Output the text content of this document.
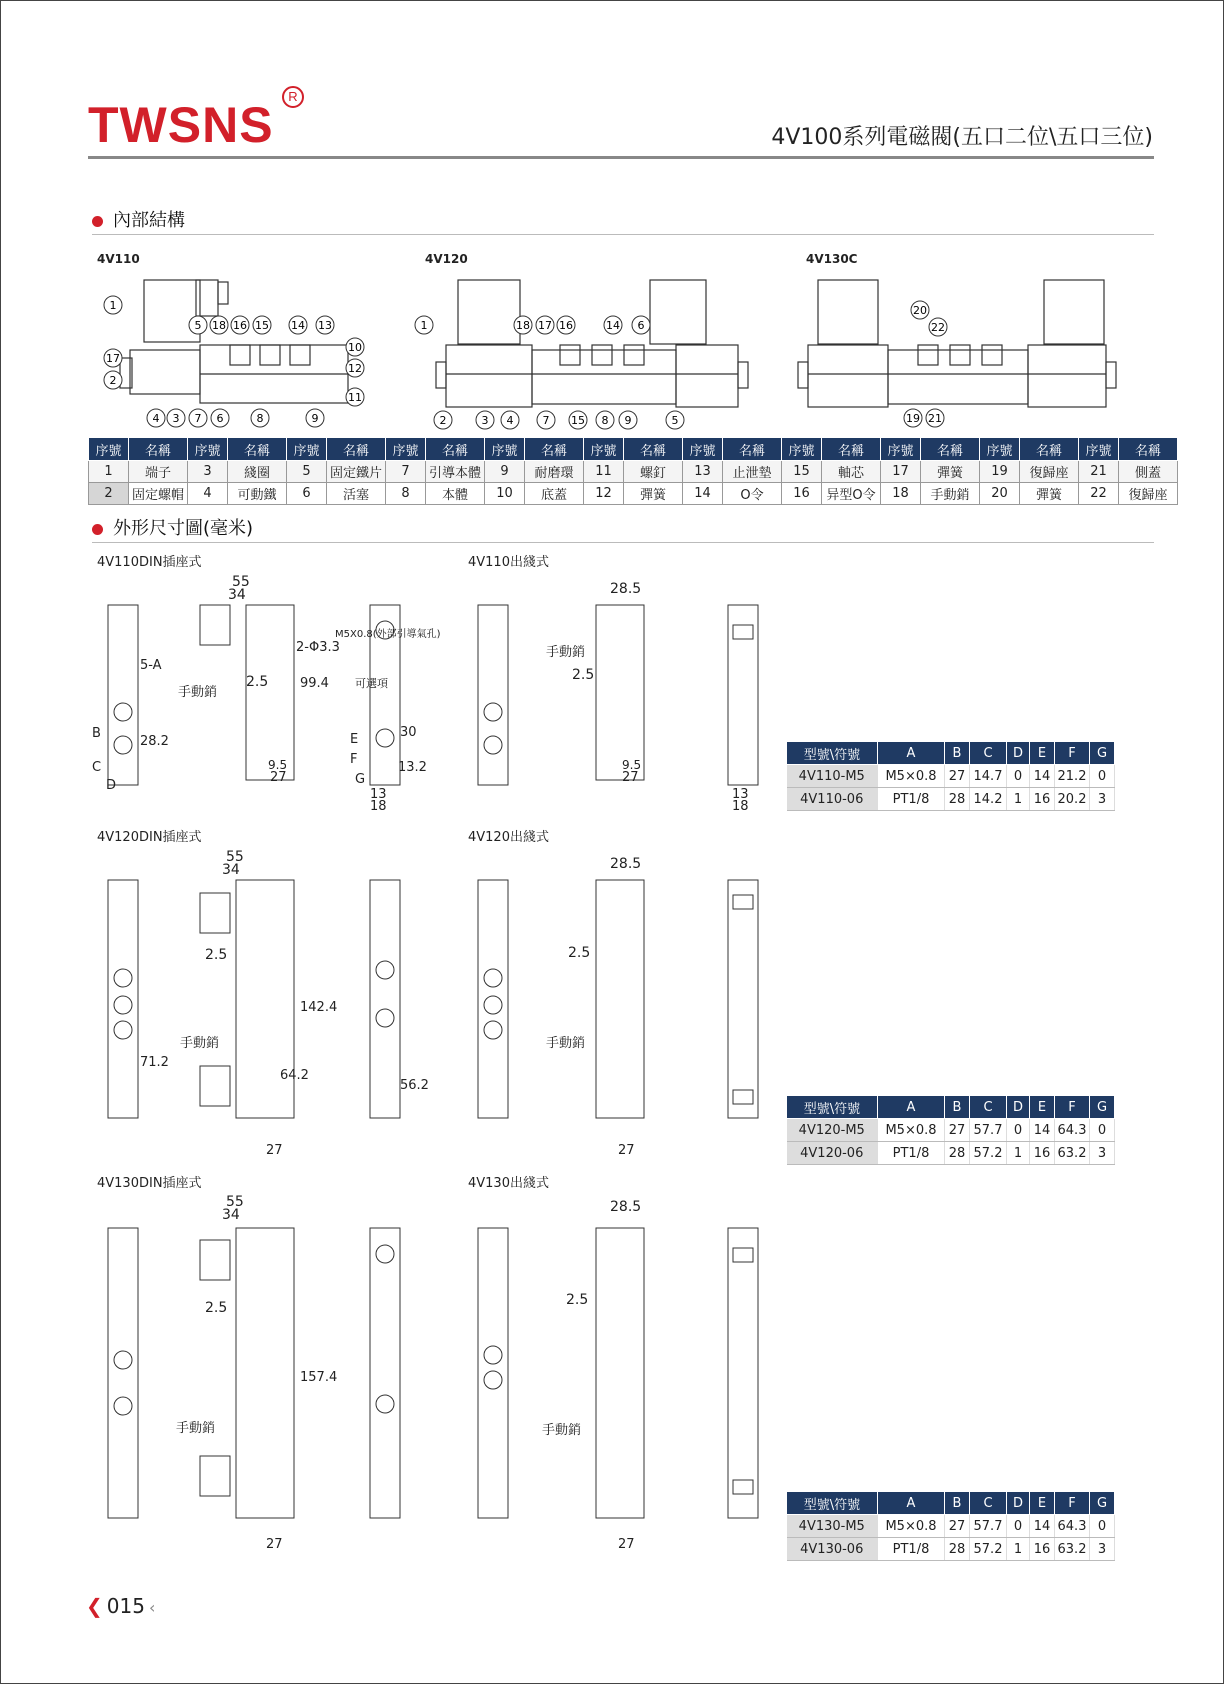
TWSNS
R
4V100系列電磁閥(五口二位\五口三位)
內部結構
4V110	4V120	4V130C
1
5 18 16 15 14 13
10
17
12
2
11
4 3 7 6	8	9
1	18 17 16	14 6
2	3 4	7 15 8 9	5
20
22
19 21
序號	名稱	序號	名稱	序號	名稱	序號	名稱	序號	名稱	序號	名稱	序號	名稱	序號	名稱	序號	名稱	序號	名稱	序號	名稱
1	端子	3	綫圈	5	固定鐵片	7	引導本體	9	耐磨環	11	螺釘	13	止泄墊	15	軸芯	17	彈簧	19	復歸座	21	側蓋
2	固定螺帽	4	可動鐵	6	活塞	8	本體	10	底蓋	12	彈簧	14	O令	16	异型O令	18	手動銷	20	彈簧	22	復歸座
外形尺寸圖(毫米)
4V110DIN插座式	4V110出綫式
4V120DIN插座式	4V120出綫式
4V130DIN插座式	4V130出綫式
55
34
手動銷
2.5
2-Φ3.3
99.4
27
9.5
5-A
B
C
D
28.2
M5X0.8(外部引導氣孔)
可選項
30
13.2
13
18
E
F
G
28.5
手動銷
2.5
27
9.5
13
18
55
34
2.5
手動銷
142.4
71.2
64.2
56.2
28.5
2.5
手動銷
27	27
55
34
2.5
手動銷
157.4
28.5
2.5
手動銷
27	27
型號\符號	A	B	C	D	E	F	G
4V110-M5	M5×0.8	27	14.7	0	14	21.2	0
4V110-06	PT1/8	28	14.2	1	16	20.2	3
型號\符號	A	B	C	D	E	F	G
4V120-M5	M5×0.8	27	57.7	0	14	64.3	0
4V120-06	PT1/8	28	57.2	1	16	63.2	3
型號\符號	A	B	C	D	E	F	G
4V130-M5	M5×0.8	27	57.7	0	14	64.3	0
4V130-06	PT1/8	28	57.2	1	16	63.2	3
❮ 015 ‹
